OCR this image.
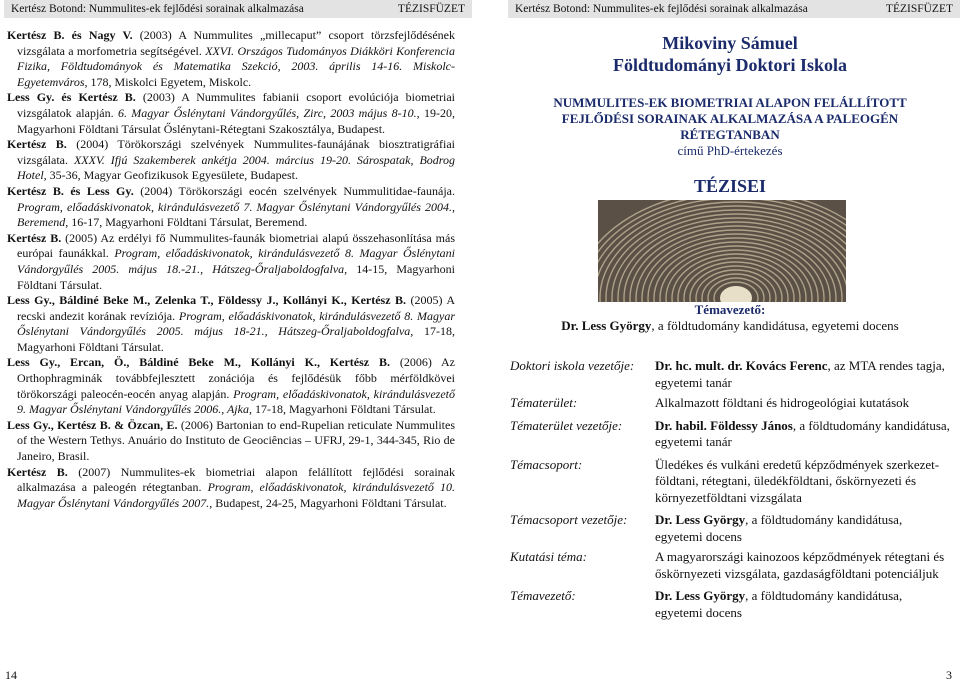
Kertész Botond: Nummulites-ek fejlődési sorainak alkalmazása	TÉZISFÜZET
Kertész B. és Nagy V. (2003) A Nummulites „millecaput” csoport törzsfejlődésének vizsgálata a morfometria segítségével. XXVI. Országos Tudományos Diákköri Konferencia Fizika, Földtudományok és Matematika Szekció, 2003. április 14-16. Miskolc-Egyetemváros, 178, Miskolci Egyetem, Miskolc.
Less Gy. és Kertész B. (2003) A Nummulites fabianii csoport evolúciója biometriai vizsgálatok alapján. 6. Magyar Őslénytani Vándorgyűlés, Zirc, 2003 május 8-10., 19-20, Magyarhoni Földtani Társulat Őslénytani-Rétegtani Szakosztálya, Budapest.
Kertész B. (2004) Törökországi szelvények Nummulites-faunájának biosztratigráfiai vizsgálata. XXXV. Ifjú Szakemberek ankétja 2004. március 19-20. Sárospatak, Bodrog Hotel, 35-36, Magyar Geofizikusok Egyesülete, Budapest.
Kertész B. és Less Gy. (2004) Törökországi eocén szelvények Nummulitidae-faunája. Program, előadáskivonatok, kirándulásvezető 7. Magyar Őslénytani Vándorgyűlés 2004., Beremend, 16-17, Magyarhoni Földtani Társulat, Beremend.
Kertész B. (2005) Az erdélyi fő Nummulites-faunák biometriai alapú összehasonlítása más európai faunákkal. Program, előadáskivonatok, kirándulásvezető 8. Magyar Őslénytani Vándorgyűlés 2005. május 18.-21., Hátszeg-Őraljaboldogfalva, 14-15, Magyarhoni Földtani Társulat.
Less Gy., Báldiné Beke M., Zelenka T., Földessy J., Kollányi K., Kertész B. (2005) A recski andezit korának revíziója. Program, előadáskivonatok, kirándulásvezető 8. Magyar Őslénytani Vándorgyűlés 2005. május 18-21., Hátszeg-Őraljaboldogfalva, 17-18, Magyarhoni Földtani Társulat.
Less Gy., Ercan, Ö., Báldiné Beke M., Kollányi K., Kertész B. (2006) Az Orthophragminák továbbfejlesztett zonációja és fejlődésük főbb mérföldkövei törökországi paleocén-eocén anyag alapján. Program, előadáskivonatok, kirándulásvezető 9. Magyar Őslénytani Vándorgyűlés 2006., Ajka, 17-18, Magyarhoni Földtani Társulat.
Less Gy., Kertész B. & Özcan, E. (2006) Bartonian to end-Rupelian reticulate Nummulites of the Western Tethys. Anuário do Instituto de Geociências – UFRJ, 29-1, 344-345, Rio de Janeiro, Brasil.
Kertész B. (2007) Nummulites-ek biometriai alapon felállított fejlődési sorainak alkalmazása a paleogén rétegtanban. Program, előadáskivonatok, kirándulásvezető 10. Magyar Őslénytani Vándorgyűlés 2007., Budapest, 24-25, Magyarhoni Földtani Társulat.
14
Kertész Botond: Nummulites-ek fejlődési sorainak alkalmazása	TÉZISFÜZET
Mikoviny Sámuel
Földtudományi Doktori Iskola
NUMMULITES-EK BIOMETRIAI ALAPON FELÁLLÍTOTT
FEJLŐDÉSI SORAINAK ALKALMAZÁSA A PALEOGÉN
RÉTEGTANBAN
című PhD-értekezés
TÉZISEI
Témavezető:
Dr. Less György, a földtudomány kandidátusa, egyetemi docens
Doktori iskola vezetője:	Dr. hc. mult. dr. Kovács Ferenc, az MTA rendes tagja, egyetemi tanár
Tématerület:	Alkalmazott földtani és hidrogeológiai kutatások
Tématerület vezetője:	Dr. habil. Földessy János, a földtudomány kandidátusa, egyetemi tanár
Témacsoport:	Üledékes és vulkáni eredetű képződmények szerkezet-földtani, rétegtani, üledékföldtani, őskörnyezeti és környezetföldtani vizsgálata
Témacsoport vezetője:	Dr. Less György, a földtudomány kandidátusa, egyetemi docens
Kutatási téma:	A magyarországi kainozoos képződmények rétegtani és őskörnyezeti vizsgálata, gazdaságföldtani potenciáljuk
Témavezető:	Dr. Less György, a földtudomány kandidátusa, egyetemi docens
3
